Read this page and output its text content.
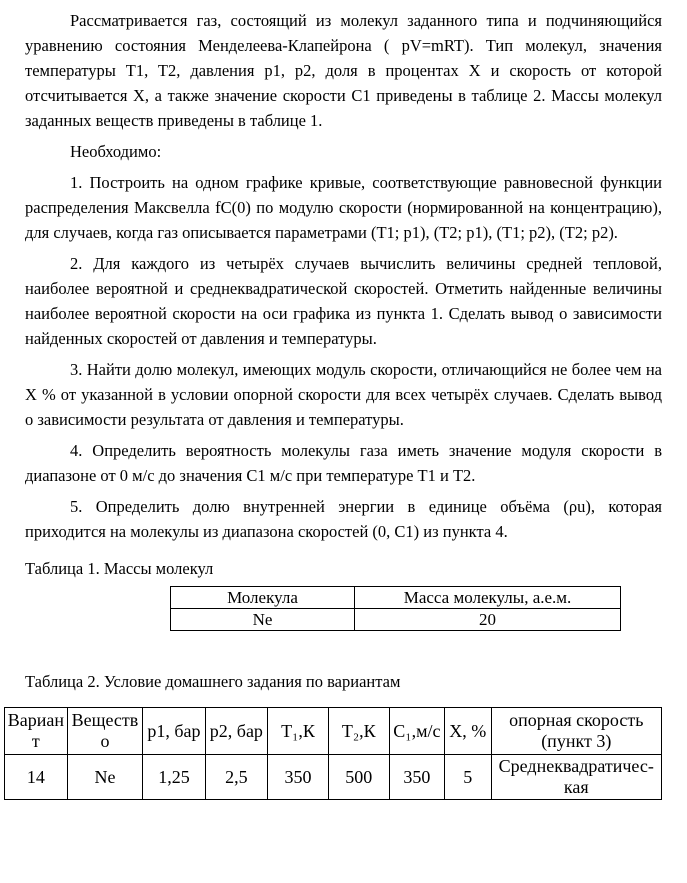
Рассматривается газ, состоящий из молекул заданного типа и подчиняющийся уравнению состояния Менделеева-Клапейрона ( pV=mRT). Тип молекул, значения температуры T1, T2, давления p1, p2, доля в процентах X и скорость от которой отсчитывается X, а также значение скорости C1 приведены в таблице 2. Массы молекул заданных веществ приведены в таблице 1.

Необходимо:

1. Построить на одном графике кривые, соответствующие равновесной функции распределения Максвелла fC(0) по модулю скорости (нормированной на концентрацию), для случаев, когда газ описывается параметрами (T1; p1), (T2; p1), (T1; p2), (T2; p2).

2. Для каждого из четырёх случаев вычислить величины средней тепловой, наиболее вероятной и среднеквадратической скоростей. Отметить найденные величины наиболее вероятной скорости на оси графика из пункта 1. Сделать вывод о зависимости найденных скоростей от давления и температуры.

3. Найти долю молекул, имеющих модуль скорости, отличающийся не более чем на X % от указанной в условии опорной скорости для всех четырёх случаев. Сделать вывод о зависимости результата от давления и температуры.

4. Определить вероятность молекулы газа иметь значение модуля скорости в диапазоне от 0 м/с до значения C1 м/с при температуре T1 и T2.

5. Определить долю внутренней энергии в единице объёма (ρu), которая приходится на молекулы из диапазона скоростей (0, C1) из пункта 4.

Таблица 1. Массы молекул

Молекула	Масса молекулы, а.е.м.
Ne	20

Таблица 2. Условие домашнего задания по вариантам

Вариант	Вещество	p1, бар	p2, бар	T₁,К	T₂,К	C₁,м/с	X, %	опорная скорость (пункт 3)
14	Ne	1,25	2,5	350	500	350	5	Среднеквадратичес-кая
